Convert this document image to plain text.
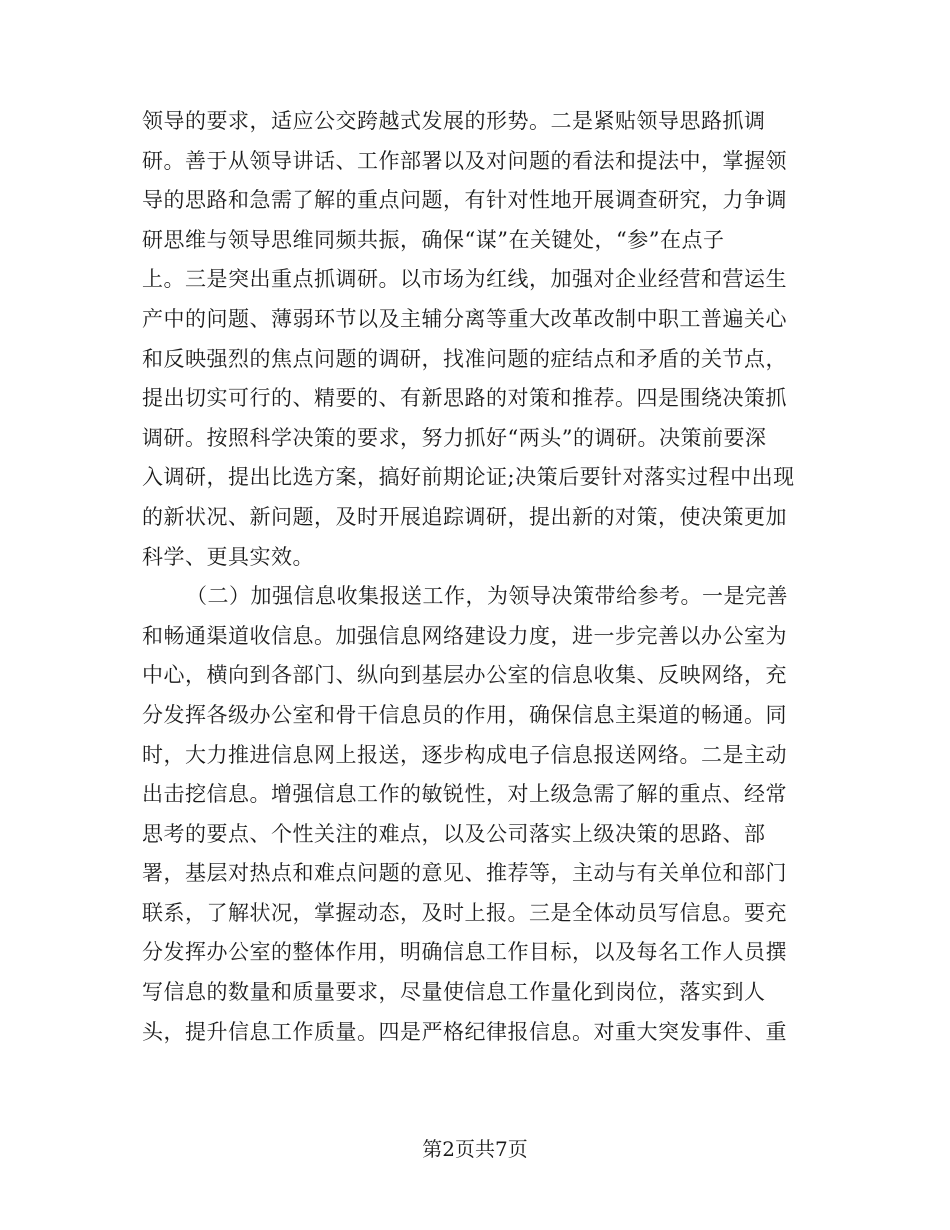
领导的要求，适应公交跨越式发展的形势。二是紧贴领导思路抓调
研。善于从领导讲话、工作部署以及对问题的看法和提法中，掌握领
导的思路和急需了解的重点问题，有针对性地开展调查研究，力争调
研思维与领导思维同频共振，确保“谋”在关键处，“参”在点子
上。三是突出重点抓调研。以市场为红线，加强对企业经营和营运生
产中的问题、薄弱环节以及主辅分离等重大改革改制中职工普遍关心
和反映强烈的焦点问题的调研，找准问题的症结点和矛盾的关节点，
提出切实可行的、精要的、有新思路的对策和推荐。四是围绕决策抓
调研。按照科学决策的要求，努力抓好“两头”的调研。决策前要深
入调研，提出比选方案，搞好前期论证;决策后要针对落实过程中出现
的新状况、新问题，及时开展追踪调研，提出新的对策，使决策更加
科学、更具实效。
（二）加强信息收集报送工作，为领导决策带给参考。一是完善
和畅通渠道收信息。加强信息网络建设力度，进一步完善以办公室为
中心，横向到各部门、纵向到基层办公室的信息收集、反映网络，充
分发挥各级办公室和骨干信息员的作用，确保信息主渠道的畅通。同
时，大力推进信息网上报送，逐步构成电子信息报送网络。二是主动
出击挖信息。增强信息工作的敏锐性，对上级急需了解的重点、经常
思考的要点、个性关注的难点，以及公司落实上级决策的思路、部
署，基层对热点和难点问题的意见、推荐等，主动与有关单位和部门
联系，了解状况，掌握动态，及时上报。三是全体动员写信息。要充
分发挥办公室的整体作用，明确信息工作目标，以及每名工作人员撰
写信息的数量和质量要求，尽量使信息工作量化到岗位，落实到人
头，提升信息工作质量。四是严格纪律报信息。对重大突发事件、重
第2页共7页
